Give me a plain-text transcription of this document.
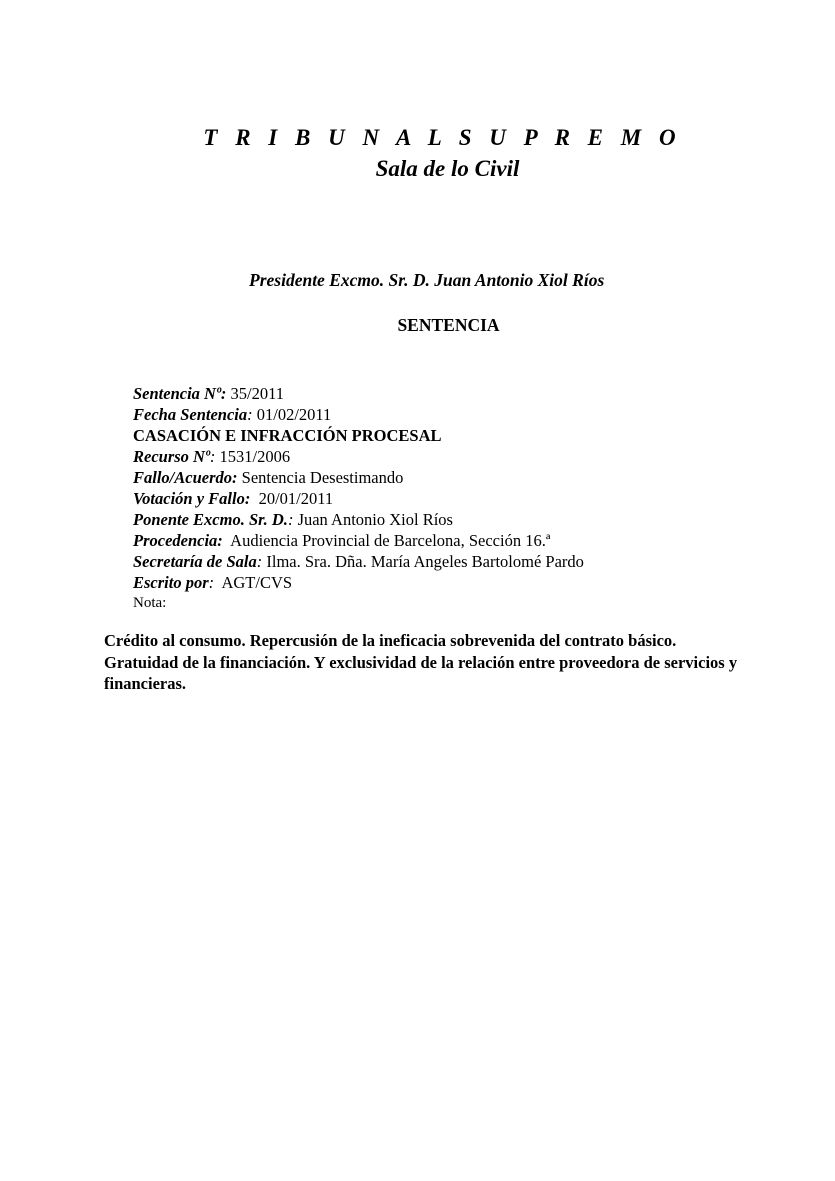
T R I B U N A L S U P R E M O
Sala de lo Civil
Presidente Excmo. Sr. D. Juan Antonio Xiol Ríos
SENTENCIA
Sentencia Nº: 35/2011
Fecha Sentencia: 01/02/2011
CASACIÓN E INFRACCIÓN PROCESAL
Recurso Nº: 1531/2006
Fallo/Acuerdo: Sentencia Desestimando
Votación y Fallo:  20/01/2011
Ponente Excmo. Sr. D.: Juan Antonio Xiol Ríos
Procedencia:  Audiencia Provincial de Barcelona, Sección 16.ª
Secretaría de Sala: Ilma. Sra. Dña. María Angeles Bartolomé Pardo
Escrito por:  AGT/CVS
Nota:

Crédito al consumo. Repercusión de la ineficacia sobrevenida del contrato básico.

Gratuidad de la financiación. Y exclusividad de la relación entre proveedora de servicios y financieras.
